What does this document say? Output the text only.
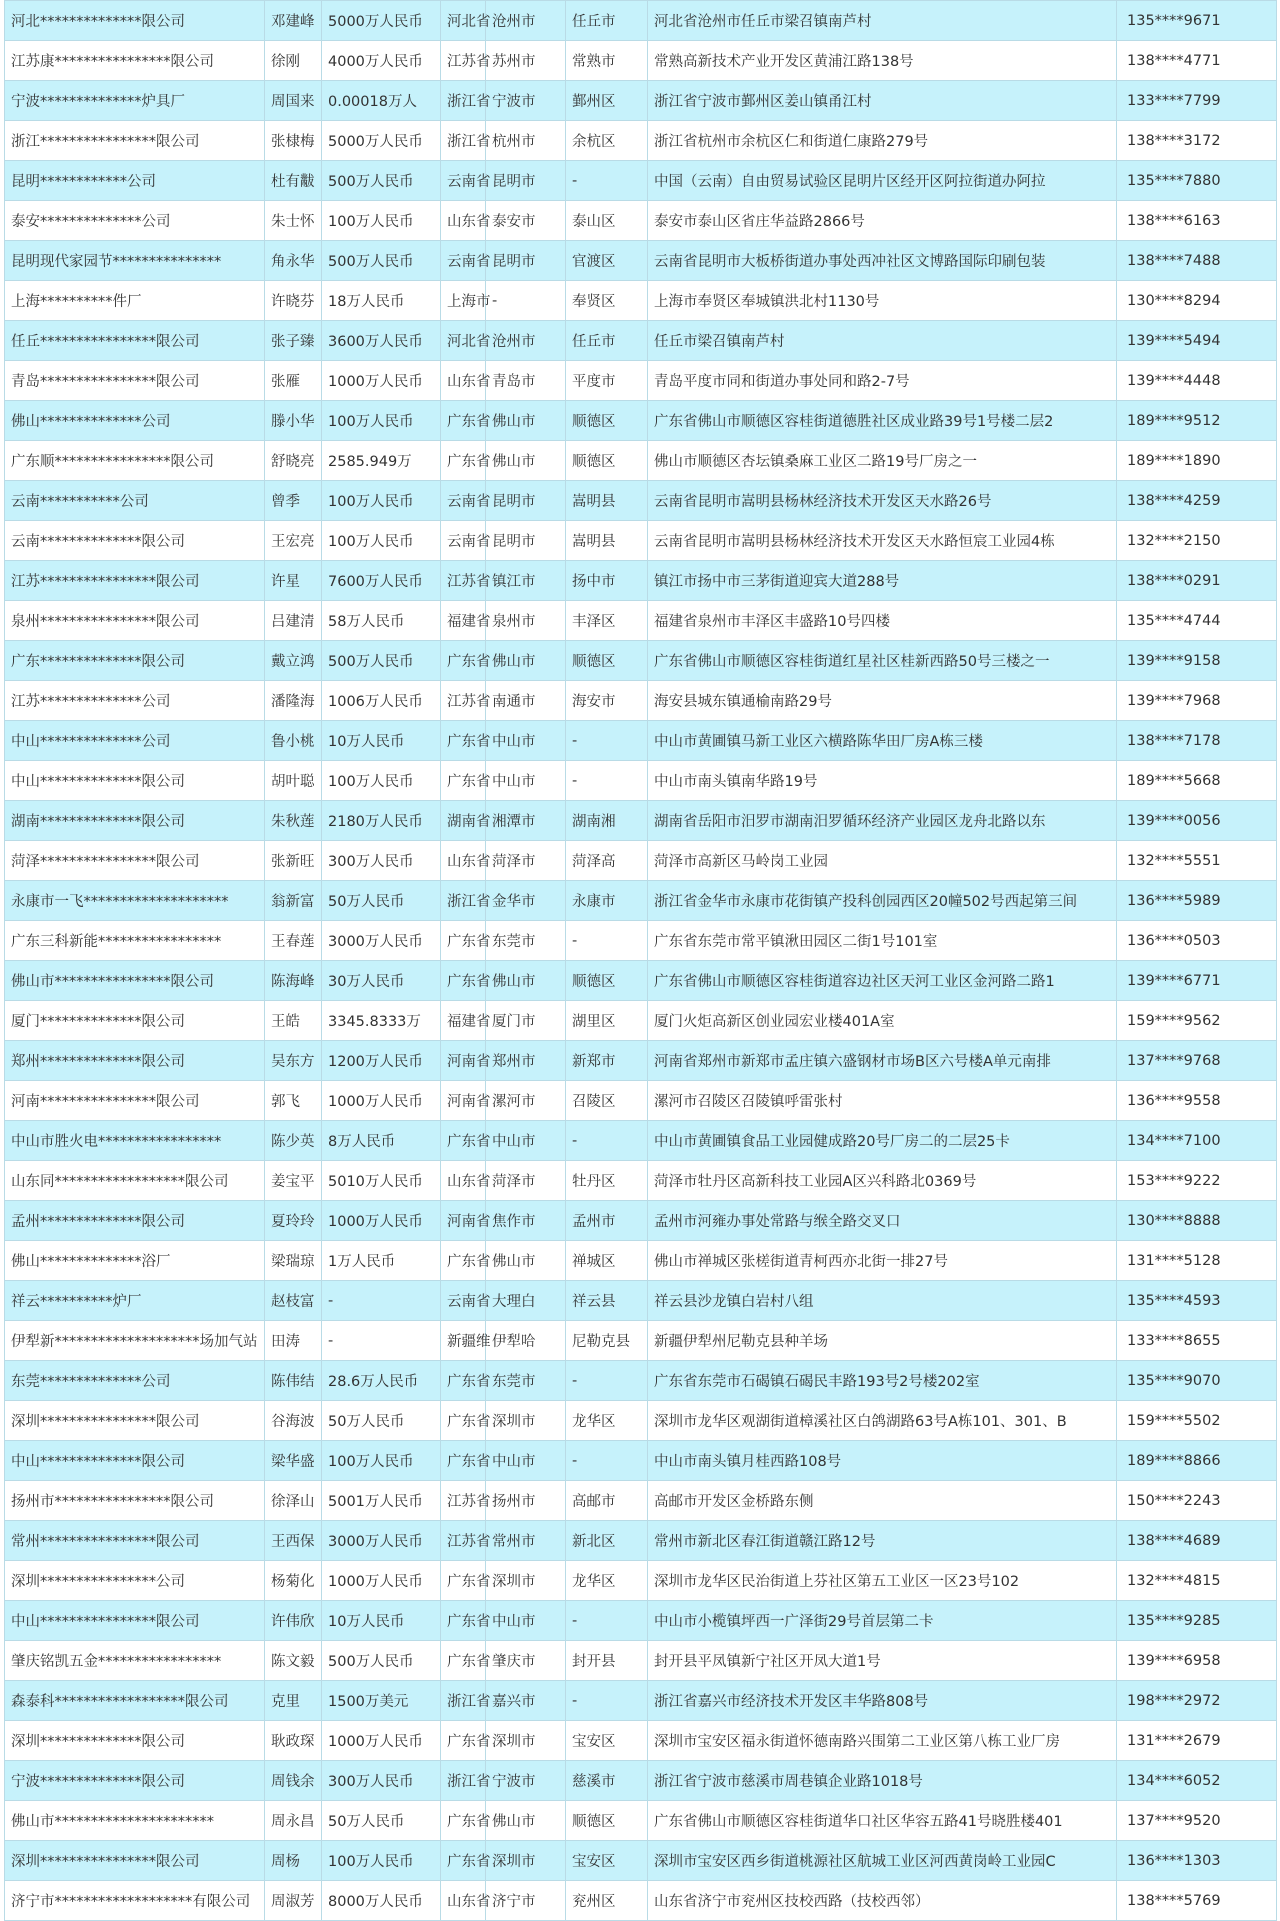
河北**************限公司	邓建峰	5000万人民币	河北省	沧州市	任丘市	河北省沧州市任丘市梁召镇南芦村	135****9671
江苏康****************限公司	徐刚	4000万人民币	江苏省	苏州市	常熟市	常熟高新技术产业开发区黄浦江路138号	138****4771
宁波**************炉具厂	周国来	0.00018万人	浙江省	宁波市	鄞州区	浙江省宁波市鄞州区姜山镇甬江村	133****7799
浙江****************限公司	张棣梅	5000万人民币	浙江省	杭州市	余杭区	浙江省杭州市余杭区仁和街道仁康路279号	138****3172
昆明************公司	杜有黻	500万人民币	云南省	昆明市	-	中国（云南）自由贸易试验区昆明片区经开区阿拉街道办阿拉	135****7880
泰安**************公司	朱士怀	100万人民币	山东省	泰安市	泰山区	泰安市泰山区省庄华益路2866号	138****6163
昆明现代家园节***************	角永华	500万人民币	云南省	昆明市	官渡区	云南省昆明市大板桥街道办事处西冲社区文博路国际印刷包装	138****7488
上海**********件厂	许晓芬	18万人民币	上海市	-	奉贤区	上海市奉贤区奉城镇洪北村1130号	130****8294
任丘****************限公司	张子臻	3600万人民币	河北省	沧州市	任丘市	任丘市梁召镇南芦村	139****5494
青岛****************限公司	张雁	1000万人民币	山东省	青岛市	平度市	青岛平度市同和街道办事处同和路2-7号	139****4448
佛山**************公司	滕小华	100万人民币	广东省	佛山市	顺德区	广东省佛山市顺德区容桂街道德胜社区成业路39号1号楼二层2	189****9512
广东顺****************限公司	舒晓亮	2585.949万	广东省	佛山市	顺德区	佛山市顺德区杏坛镇桑麻工业区二路19号厂房之一	189****1890
云南***********公司	曾季	100万人民币	云南省	昆明市	嵩明县	云南省昆明市嵩明县杨林经济技术开发区天水路26号	138****4259
云南**************限公司	王宏亮	100万人民币	云南省	昆明市	嵩明县	云南省昆明市嵩明县杨林经济技术开发区天水路恒宸工业园4栋	132****2150
江苏****************限公司	许星	7600万人民币	江苏省	镇江市	扬中市	镇江市扬中市三茅街道迎宾大道288号	138****0291
泉州****************限公司	吕建清	58万人民币	福建省	泉州市	丰泽区	福建省泉州市丰泽区丰盛路10号四楼	135****4744
广东**************限公司	戴立鸿	500万人民币	广东省	佛山市	顺德区	广东省佛山市顺德区容桂街道红星社区桂新西路50号三楼之一	139****9158
江苏**************公司	潘隆海	1006万人民币	江苏省	南通市	海安市	海安县城东镇通榆南路29号	139****7968
中山**************公司	鲁小桃	10万人民币	广东省	中山市	-	中山市黄圃镇马新工业区六横路陈华田厂房A栋三楼	138****7178
中山**************限公司	胡叶聪	100万人民币	广东省	中山市	-	中山市南头镇南华路19号	189****5668
湖南**************限公司	朱秋莲	2180万人民币	湖南省	湘潭市	湖南湘	湖南省岳阳市汨罗市湖南汨罗循环经济产业园区龙舟北路以东	139****0056
菏泽****************限公司	张新旺	300万人民币	山东省	菏泽市	菏泽高	菏泽市高新区马岭岗工业园	132****5551
永康市一飞********************	翁新富	50万人民币	浙江省	金华市	永康市	浙江省金华市永康市花街镇产投科创园西区20幢502号西起第三间	136****5989
广东三科新能*****************	王春莲	3000万人民币	广东省	东莞市	-	广东省东莞市常平镇湫田园区二街1号101室	136****0503
佛山市****************限公司	陈海峰	30万人民币	广东省	佛山市	顺德区	广东省佛山市顺德区容桂街道容边社区天河工业区金河路二路1	139****6771
厦门**************限公司	王皓	3345.8333万	福建省	厦门市	湖里区	厦门火炬高新区创业园宏业楼401A室	159****9562
郑州**************限公司	吴东方	1200万人民币	河南省	郑州市	新郑市	河南省郑州市新郑市孟庄镇六盛钢材市场B区六号楼A单元南排	137****9768
河南****************限公司	郭飞	1000万人民币	河南省	漯河市	召陵区	漯河市召陵区召陵镇呼雷张村	136****9558
中山市胜火电*****************	陈少英	8万人民币	广东省	中山市	-	中山市黄圃镇食品工业园健成路20号厂房二的二层25卡	134****7100
山东同******************限公司	姜宝平	5010万人民币	山东省	菏泽市	牡丹区	菏泽市牡丹区高新科技工业园A区兴科路北0369号	153****9222
孟州**************限公司	夏玲玲	1000万人民币	河南省	焦作市	孟州市	孟州市河雍办事处常路与缑全路交叉口	130****8888
佛山**************浴厂	梁瑞琼	1万人民币	广东省	佛山市	禅城区	佛山市禅城区张槎街道青柯西亦北街一排27号	131****5128
祥云**********炉厂	赵枝富	-	云南省	大理白	祥云县	祥云县沙龙镇白岩村八组	135****4593
伊犁新********************场加气站	田涛	-	新疆维	伊犁哈	尼勒克县	新疆伊犁州尼勒克县种羊场	133****8655
东莞**************公司	陈伟结	28.6万人民币	广东省	东莞市	-	广东省东莞市石碣镇石碣民丰路193号2号楼202室	135****9070
深圳****************限公司	谷海波	50万人民币	广东省	深圳市	龙华区	深圳市龙华区观湖街道樟溪社区白鸽湖路63号A栋101、301、B	159****5502
中山**************限公司	梁华盛	100万人民币	广东省	中山市	-	中山市南头镇月桂西路108号	189****8866
扬州市****************限公司	徐泽山	5001万人民币	江苏省	扬州市	高邮市	高邮市开发区金桥路东侧	150****2243
常州****************限公司	王西保	3000万人民币	江苏省	常州市	新北区	常州市新北区春江街道赣江路12号	138****4689
深圳****************公司	杨菊化	1000万人民币	广东省	深圳市	龙华区	深圳市龙华区民治街道上芬社区第五工业区一区23号102	132****4815
中山****************限公司	许伟欣	10万人民币	广东省	中山市	-	中山市小榄镇坪西一广泽街29号首层第二卡	135****9285
肇庆铭凯五金*****************	陈文毅	500万人民币	广东省	肇庆市	封开县	封开县平凤镇新宁社区开凤大道1号	139****6958
森泰科******************限公司	克里	1500万美元	浙江省	嘉兴市	-	浙江省嘉兴市经济技术开发区丰华路808号	198****2972
深圳**************限公司	耿政琛	1000万人民币	广东省	深圳市	宝安区	深圳市宝安区福永街道怀德南路兴围第二工业区第八栋工业厂房	131****2679
宁波**************限公司	周钱余	300万人民币	浙江省	宁波市	慈溪市	浙江省宁波市慈溪市周巷镇企业路1018号	134****6052
佛山市**********************	周永昌	50万人民币	广东省	佛山市	顺德区	广东省佛山市顺德区容桂街道华口社区华容五路41号晓胜楼401	137****9520
深圳****************限公司	周杨	100万人民币	广东省	深圳市	宝安区	深圳市宝安区西乡街道桃源社区航城工业区河西黄岗岭工业园C	136****1303
济宁市*******************有限公司	周淑芳	8000万人民币	山东省	济宁市	兖州区	山东省济宁市兖州区技校西路（技校西邻）	138****5769
